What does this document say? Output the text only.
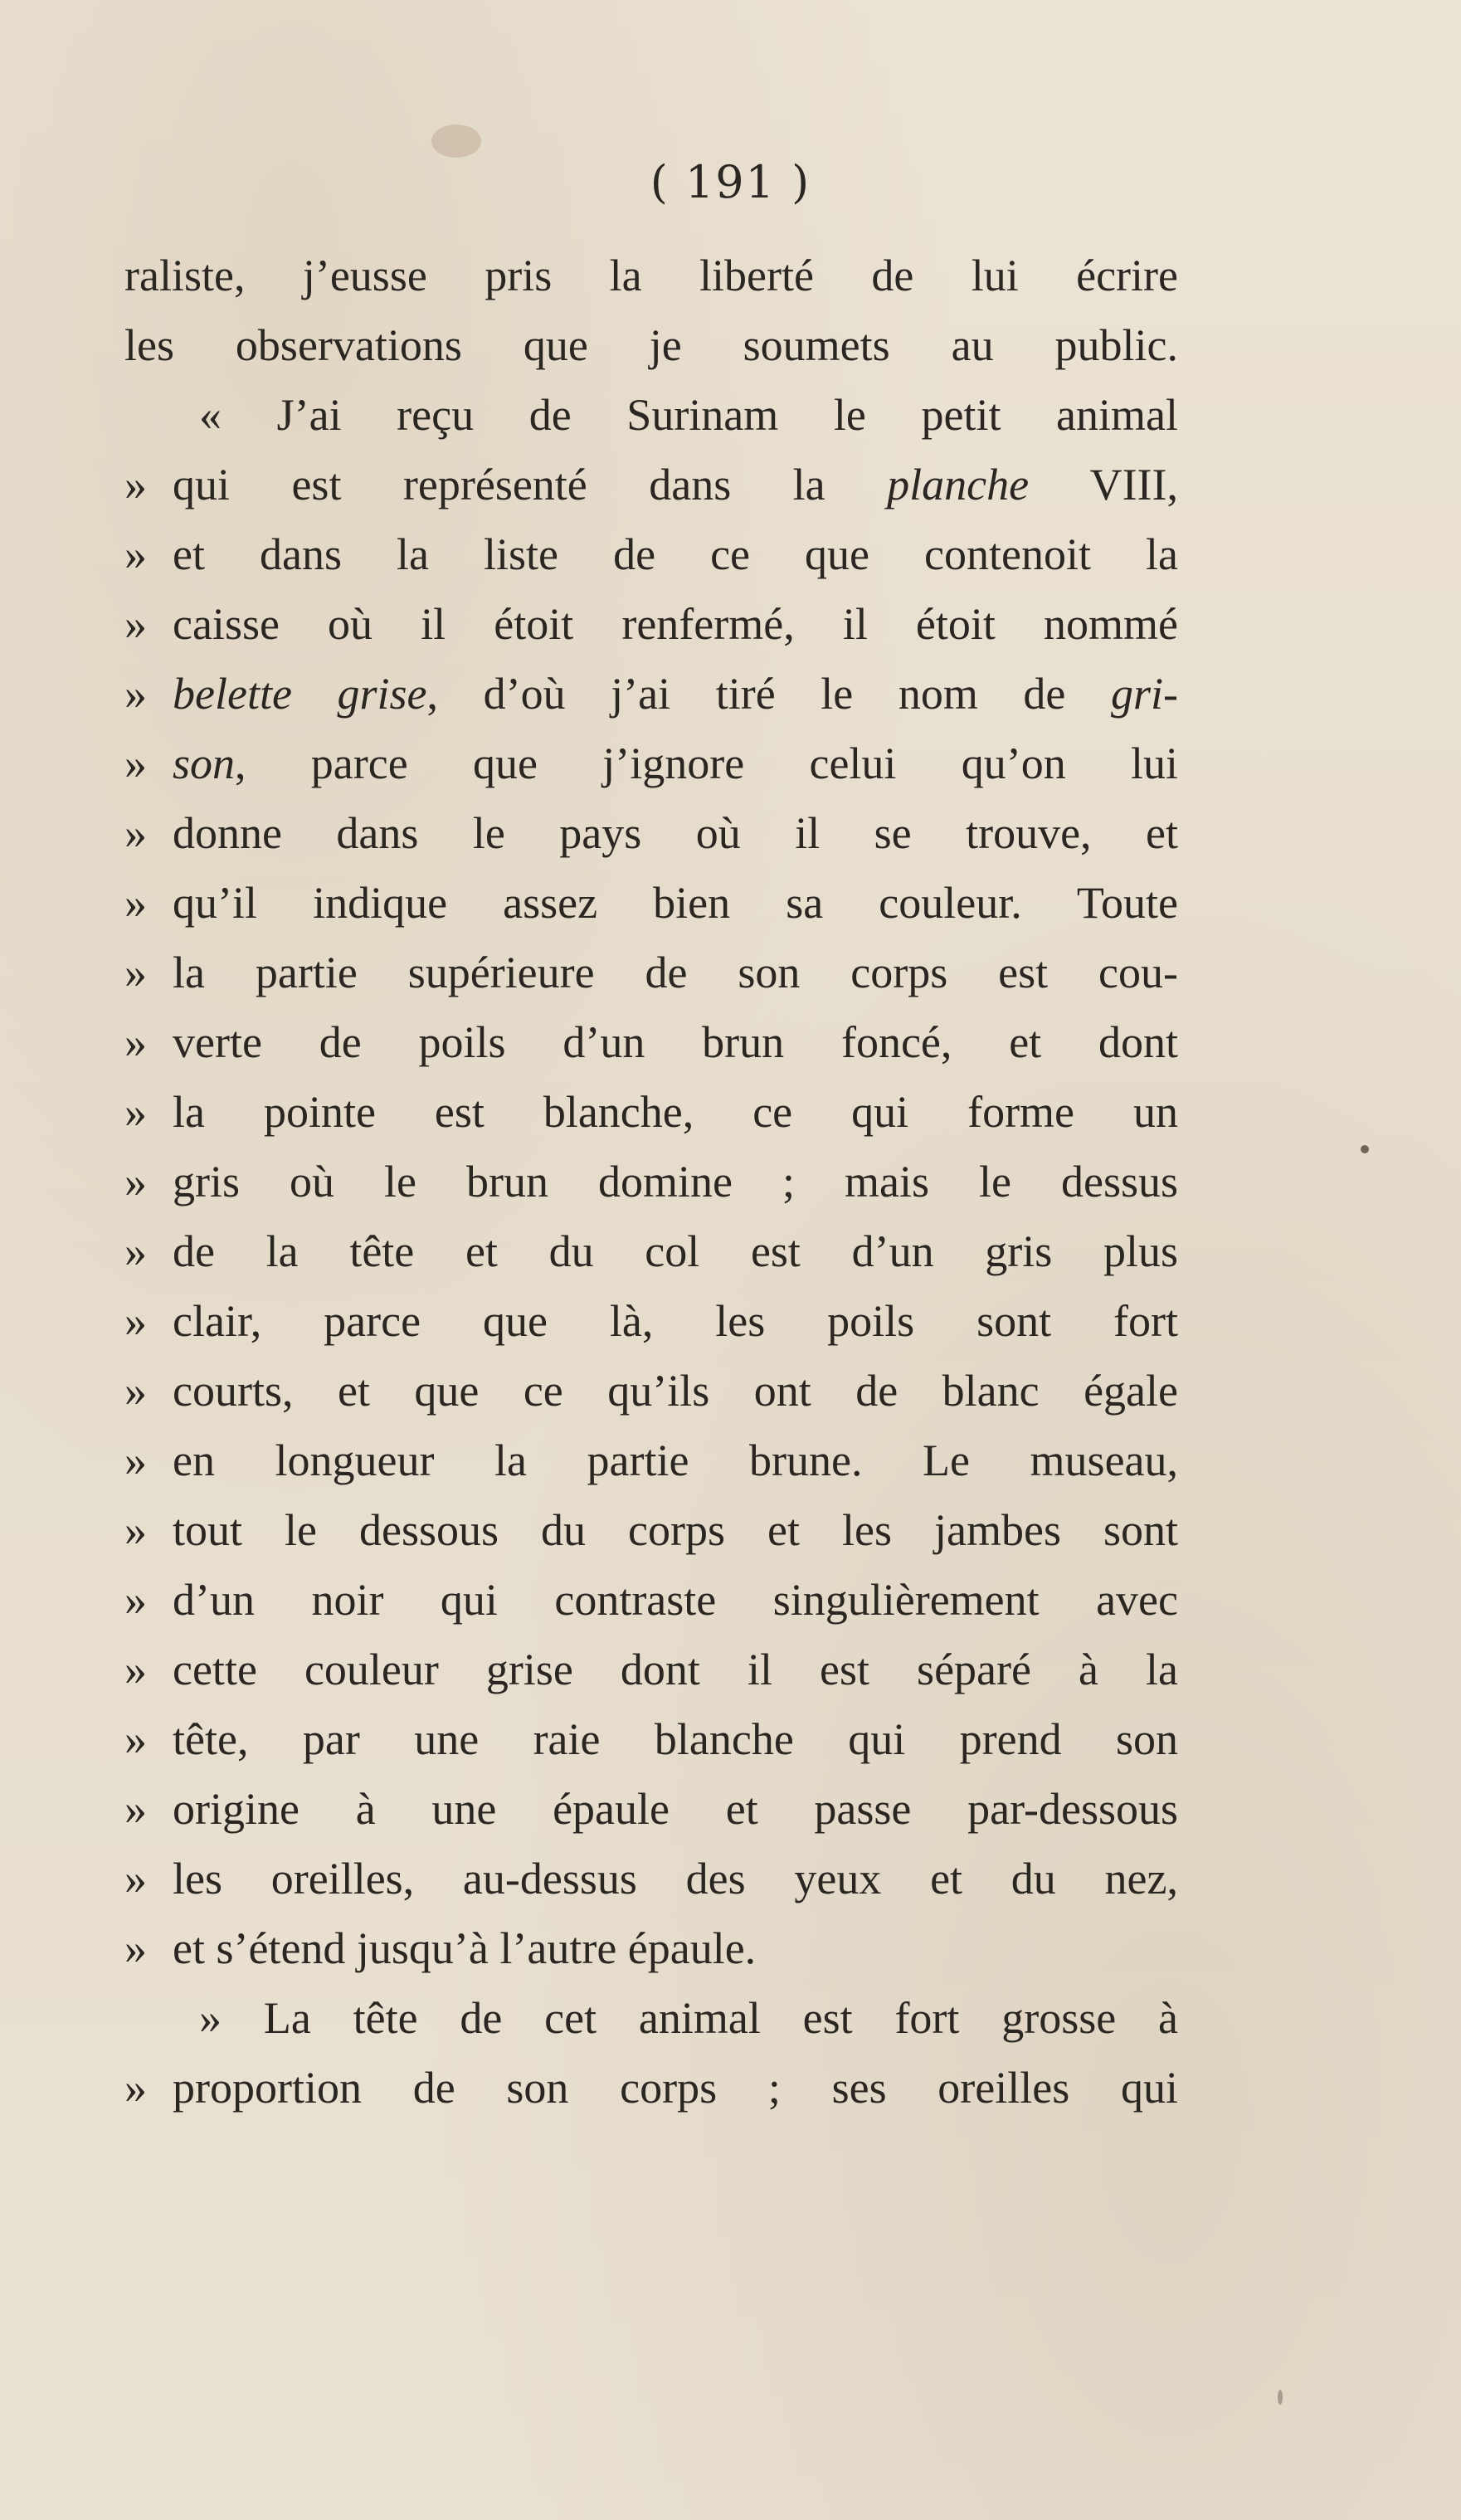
( 191 )
raliste, j’eusse pris la liberté de lui écrire
les observations que je soumets au public.
« J’ai reçu de Surinam le petit animal
»qui est représenté dans la planche VIII,
»et dans la liste de ce que contenoit la
»caisse où il étoit renfermé, il étoit nommé
»belette grise, d’où j’ai tiré le nom de gri-
»son, parce que j’ignore celui qu’on lui
»donne dans le pays où il se trouve, et
»qu’il indique assez bien sa couleur. Toute
»la partie supérieure de son corps est cou-
»verte de poils d’un brun foncé, et dont
»la pointe est blanche, ce qui forme un
»gris où le brun domine ; mais le dessus
»de la tête et du col est d’un gris plus
»clair, parce que là, les poils sont fort
»courts, et que ce qu’ils ont de blanc égale
»en longueur la partie brune. Le museau,
»tout le dessous du corps et les jambes sont
»d’un noir qui contraste singulièrement avec
»cette couleur grise dont il est séparé à la
»tête, par une raie blanche qui prend son
»origine à une épaule et passe par-dessous
»les oreilles, au-dessus des yeux et du nez,
»et s’étend jusqu’à l’autre épaule.
» La tête de cet animal est fort grosse à
»proportion de son corps ; ses oreilles qui
